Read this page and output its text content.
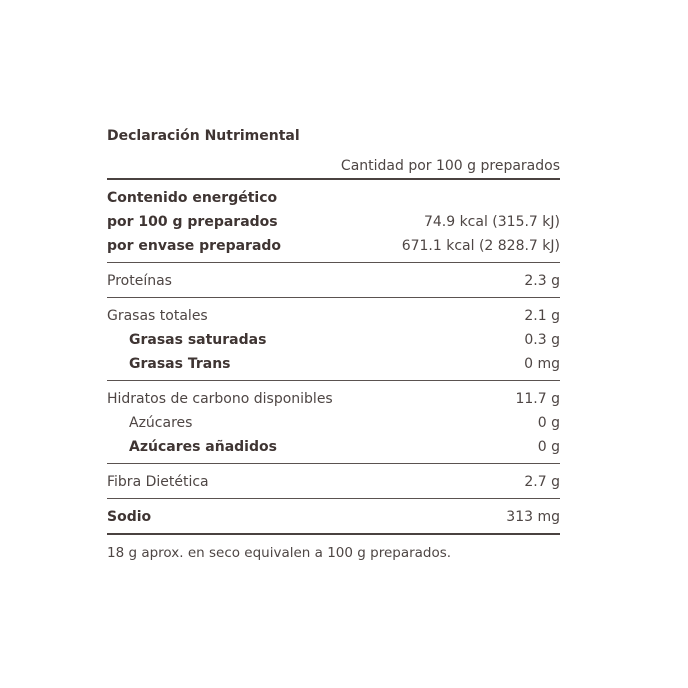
Declaración Nutrimental
Cantidad por 100 g preparados
Contenido energético
por 100 g preparados	74.9 kcal (315.7 kJ)
por envase preparado	671.1 kcal (2 828.7 kJ)
Proteínas	2.3 g
Grasas totales	2.1 g
Grasas saturadas	0.3 g
Grasas Trans	0 mg
Hidratos de carbono disponibles	11.7 g
Azúcares	0 g
Azúcares añadidos	0 g
Fibra Dietética	2.7 g
Sodio	313 mg
18 g aprox. en seco equivalen a 100 g preparados.
